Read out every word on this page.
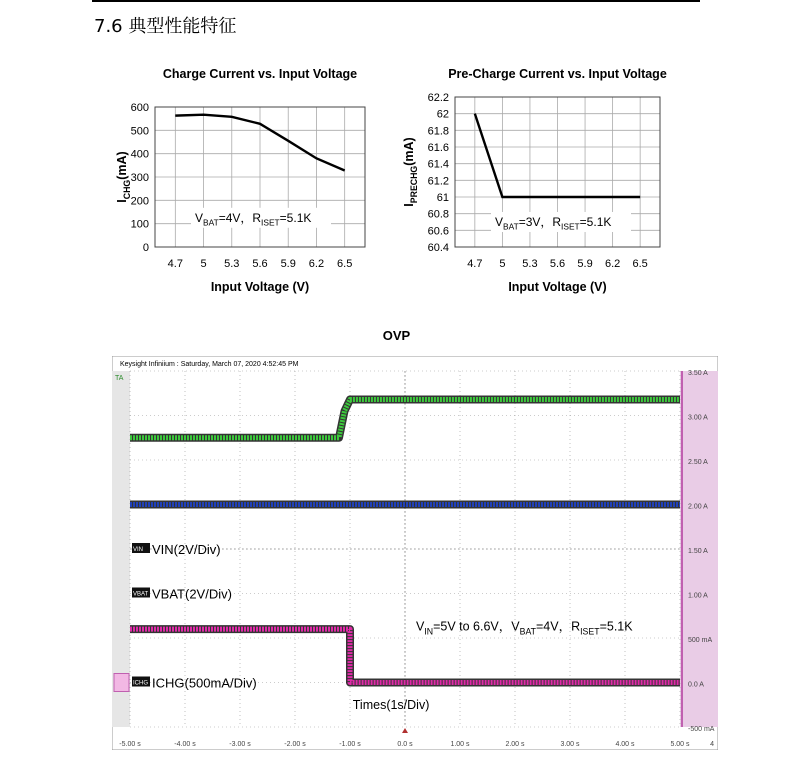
7.6 典型性能特征
Charge Current vs. Input Voltage
0
100
200
300
400
500
600
4.7 5 5.3 5.6 5.9 6.2 6.5
$V_{BAT}=4V$，$R_{ISET}=5.1K$
Input Voltage (V)
$I_{CHG}(mA)$
Pre-Charge Current vs. Input Voltage
60.4
60.6
60.8
61
61.2
61.4
61.6
61.8
62
62.2
4.7 5 5.3 5.6 5.9 6.2 6.5
$V_{BAT}=3V$，$R_{ISET}=5.1K$
Input Voltage (V)
$I_{PRECHG}(mA)$
OVP
Keysight Infiniium : Saturday, March 07, 2020 4:52:45 PM
TA
3.50 A
3.00 A
2.50 A
2.00 A
1.50 A
1.00 A
500 mA
0.0 A
-500 mA
-5.00 s	-4.00 s	-3.00 s	-2.00 s	-1.00 s	0.0 s	1.00 s	2.00 s	3.00 s	4.00 s	5.00 s	4
VIN VIN(2V/Div)
VBAT VBAT(2V/Div)
ICHG ICHG(500mA/Div)
$V_{IN}=5V$ to 6.6V，$V_{BAT}=4V$，$R_{ISET}=5.1K$
Times(1s/Div)
